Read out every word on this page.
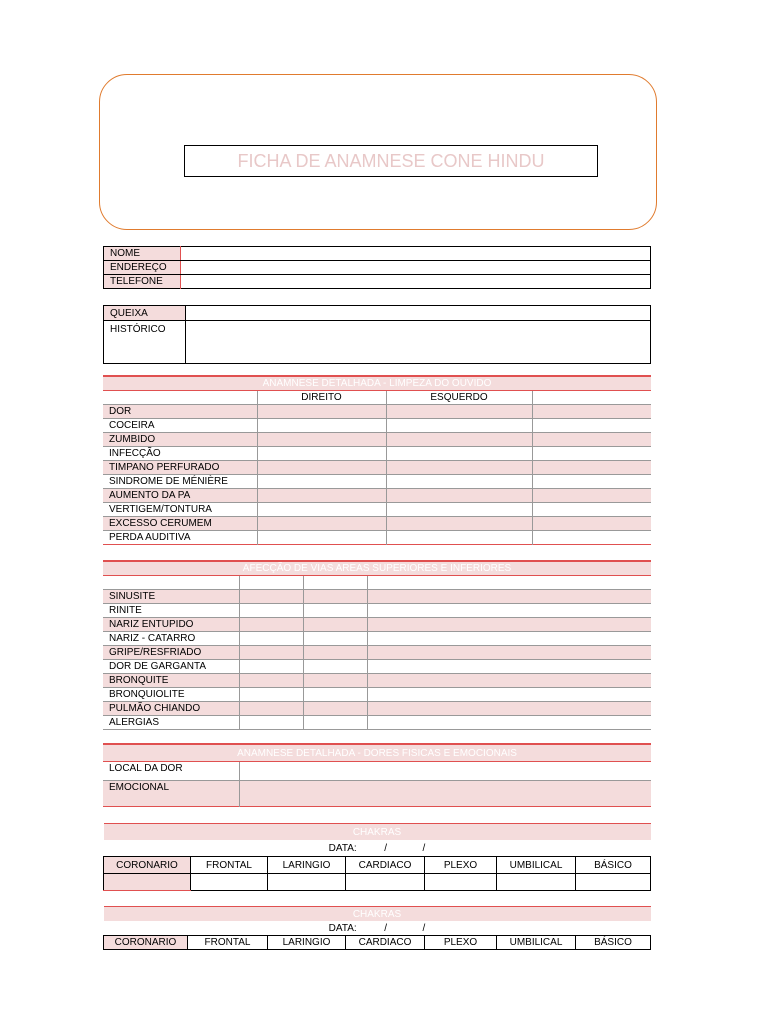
FICHA DE ANAMNESE CONE HINDU
NOME	
ENDEREÇO	
TELEFONE	
QUEIXA	
HISTÓRICO	
ANAMNESE DETALHADA - LIMPEZA DO OUVIDO			
	DIREITO	ESQUERDO	
DOR			
COCEIRA			
ZUMBIDO			
INFECÇÃO			
TIMPANO PERFURADO			
SINDROME DE MÉNIÈRE			
AUMENTO DA PA			
VERTIGEM/TONTURA			
EXCESSO CERUMEM			
PERDA AUDITIVA			
AFECÇÃO DE VIAS AREAS SUPERIORES E INFERIORES			

SINUSITE			
RINITE			
NARIZ ENTUPIDO			
NARIZ - CATARRO			
GRIPE/RESFRIADO			
DOR DE GARGANTA			
BRONQUITE			
BRONQUIOLITE			
PULMÃO CHIANDO			
ALERGIAS			
ANAMNESE DETALHADA - DORES FISICAS E EMOCIONAIS	
LOCAL DA DOR	
EMOCIONAL	
CHAKRAS						
DATA: / /						
CORONARIO	FRONTAL	LARINGIO	CARDIACO	PLEXO	UMBILICAL	BÁSICO

CHAKRAS
DATA:	/	/
CORONARIO	FRONTAL	LARINGIO	CARDIACO	PLEXO	UMBILICAL	BÁSICO
